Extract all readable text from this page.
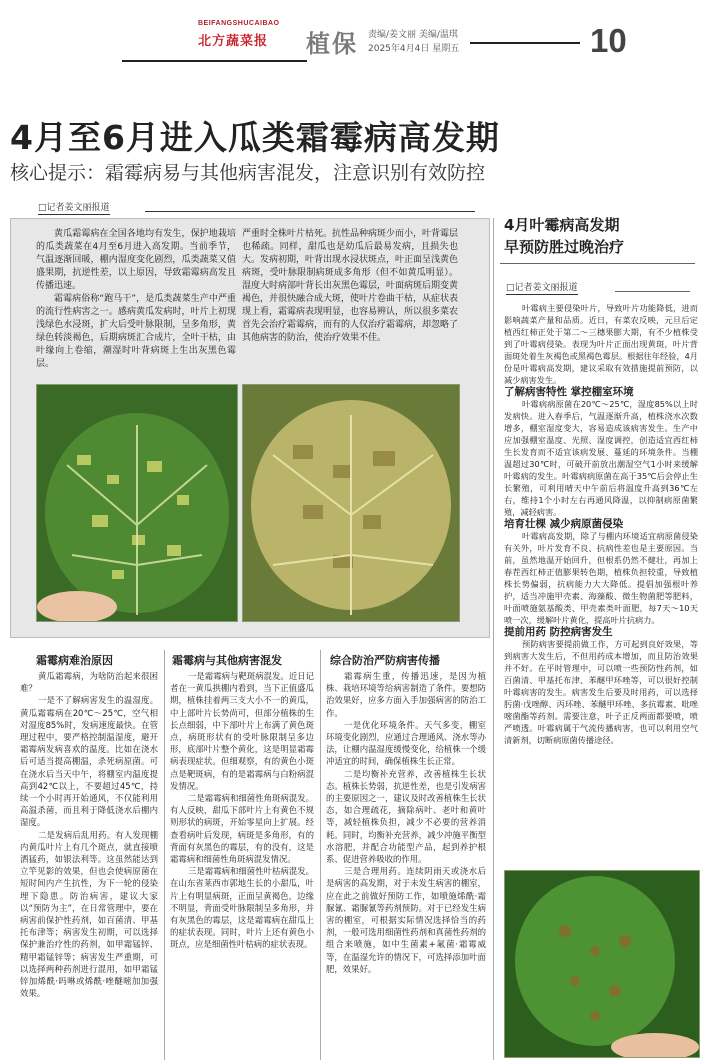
BEIFANGSHUCAIBAO
北方蔬菜报 植保 责编/姜文丽 美编/温琪
2025年4月4日 星期五	10
4月至6月进入瓜类霜霉病高发期
核心提示：霜霉病易与其他病害混发，注意识别有效防控
□记者姜文丽报道

黄瓜霜霉病在全国各地均有发生，保护地栽培的瓜类蔬菜在4月至6月进入高发期。当前季节，气温逐渐回暖，棚内湿度变化剧烈，瓜类蔬菜又值盛果期，抗逆性差，以上原因，导致霜霉病高发且传播迅速。

霜霉病俗称“跑马干”，是瓜类蔬菜生产中严重的流行性病害之一。感病黄瓜发病时，叶片上初现浅绿色水浸斑，扩大后受叶脉限制，呈多角形，黄绿色转淡褐色，后期病斑汇合成片，全叶干枯，由叶缘向上卷缩，潮湿时叶背病斑上生出灰黑色霉层。

严重时全株叶片枯死。抗性品种病斑少而小，叶背霉层也稀疏。同样，甜瓜也是幼瓜后最易发病，且损失也大。发病初期，叶背出现水浸状斑点，叶正面呈浅黄色病斑，受叶脉限制病斑成多角形（但不如黄瓜明显）。湿度大时病部叶背长出灰黑色霉层，叶面病斑后期变黄褐色，并很快融合成大斑，使叶片卷曲干枯，从症状表现上看，霜霉病表现明显，也容易辨认，所以很多菜农首先会治疗霜霉病，而有的人仅治疗霜霉病，却忽略了其他病害的防治，使治疗效果不佳。

4月叶霉病高发期
早预防胜过晚治疗
□记者姜文丽报道

叶霉病主要侵染叶片，导致叶片功能降低，进而影响蔬菜产量和品质。近日，有菜农反映，元旦后定植西红柿正处于第二～三穗果膨大期，有不少植株受到了叶霉病侵染。表现为叶片正面出现黄斑，叶片背面斑处着生灰褐色或黑褐色霉层。根据往年经验，4月份是叶霉病高发期，建议采取有效措施提前预防，以减少病害发生。

了解病害特性 掌控棚室环境

叶霉病病原菌在20℃～25℃，湿度85%以上时发病快。进入春季后，气温逐渐升高，植株浇水次数增多，棚室湿度变大，容易造成该病害发生。生产中应加强棚室温度、光照、湿度调控，创造适宜西红柿生长发育而不适宜该病发展、蔓延的环境条件。当棚温超过30℃时，可破开前放出潮湿空气1小时来缓解叶霉病的发生。叶霉病病原菌在高于35℃后会停止生长繁殖，可利用晴天中午前后将温度升高到36℃左右，维持1个小时左右再通风降温，以抑制病原菌繁殖，减轻病害。

培育壮棵 减少病原菌侵染

叶霉病高发期，除了与棚内环境适宜病原菌侵染有关外，叶片发育不良、抗病性差也是主要原因。当前，虽然地温开始回升，但根系仍然不健壮，再加上春茬西红柿正值膨果转色期，植株负担较重，导致植株长势偏弱，抗病能力大大降低。提倡加强根叶养护，适当冲施甲壳素、海藻酸、微生物菌肥等肥料，叶面喷施氨基酸类、甲壳素类叶面肥，每7天～10天喷一次，缓解叶片黄化，提高叶片抗病力。

提前用药 防控病害发生

预防病害要提前做工作，方可起到良好效果，等到病害大发生后，不但用药成本增加，而且防治效果并不好。在平时管理中，可以喷一些预防性药剂，如百菌清、甲基托布津、苯醚甲环唑等，可以很好控制叶霉病害的发生。病害发生后要及时用药，可以选择肟菌·戊唑醇、丙环唑、苯醚甲环唑、多抗霉素、吡唑嘧菌酯等药剂。需要注意，叶子正反两面都要喷，喷严喷透。叶霉病属于气流传播病害，也可以利用空气清新剂，切断病原菌传播途径。

霜霉病难治原因	霜霉病与其他病害混发	综合防治严防病害传播

黄瓜霜霉病，为啥防治起来很困难？

一是不了解病害发生的温湿度。黄瓜霜霉病在20℃～25℃，空气相对湿度85%时，发病速度最快。在管理过程中，要严格控制温湿度，避开霜霉病发病喜欢的温度。比如在浇水后可适当提高棚温，杀死病原菌。可在浇水后当天中午，将棚室内温度提高到42℃以上，不要超过45℃，持续一个小时再开始通风，不仅能利用高温杀菌，而且利于降低浇水后棚内湿度。

二是发病后乱用药。有人发现棚内黄瓜叶片上有几个斑点，就直接喷洒猛药，如银法利等。这虽然能达到立竿见影的效果，但也会使病原菌在短时间内产生抗性，为下一轮的侵染埋下隐患。防治病害，建议大家以“预防为主”，在日常管理中，要在病害前保护性药剂，如百菌清、甲基托布津等；病害发生初期，可以选择保护兼治疗性的药剂，如甲霜锰锌、精甲霜锰锌等；病害发生严重期，可以选择两种药剂进行混用，如甲霜锰锌加烯酰·吗啉或烯酰·唑醚嘧加加强效果。

一是霜霉病与靶斑病混发。近日记者在一黄瓜拱棚内看到，当下正值盛瓜期，植株挂着两三支大小不一的黄瓜，中上部叶片长势尚可，但部分植株的生长点细弱，中下部叶片上布满了黄色斑点，病斑形状有的受叶脉限制呈多边形，底部叶片整个黄化，这是明显霜霉病表现症状。但细观察，有的黄色小斑点是靶斑病，有的是霜霉病与白粉病混发情况。

二是霜霉病和细菌性角斑病混发。有人反映，甜瓜下部叶片上有黄色不规则形状的病斑，开始零星向上扩展。经查看病叶后发现，病斑是多角形，有的背面有灰黑色的霉层，有的没有，这是霜霉病和细菌性角斑病混发情况。

三是霜霉病和细菌性叶枯病混发。在山东省莱西市郭地生长的小甜瓜，叶片上有明显病斑，正面呈黄褐色，边缘不明显，背面受叶脉限制呈多角形，并有灰黑色的霉层，这是霜霉病在甜瓜上的症状表现。同时，叶片上还有黄色小斑点，应是细菌性叶枯病的症状表现。

霜霉病生重，传播迅速，是因为植株、栽培环境等给病害制造了条件。要想防治效果好，应多方面入手加强病害的防治工作。

一是优化环境条件。天气多变，棚室环境变化剧烈，应通过合理通风、浇水等办法，让棚内温湿度缓慢变化，给植株一个缓冲适宜的时间，确保植株生长正常。

二是均衡补充营养，改善植株生长状态。植株长势弱，抗逆性差，也是引发病害的主要原因之一，建议及时改善植株生长状态，如合理疏花，摘除病叶、老叶和黄叶等，减轻植株负担，减少不必要的营养消耗。同时，均衡补充营养，减少冲施平衡型水溶肥，并配合功能型产品，起到养护根系、促进营养吸收的作用。

三是合理用药。连续阴雨天或浇水后是病害的高发期，对于未发生病害的棚室，应在此之前做好预防工作，如喷施烯酰·霜脲氰、霜脲氰等药剂预防。对于已经发生病害的棚室，可根据实际情况选择恰当的药剂，一般可选用细菌性药剂和真菌性药剂的组合来喷施，如中生菌素+氟菌·霜霉威等，在温湿允许的情况下，可选择添加叶面肥，效果好。
